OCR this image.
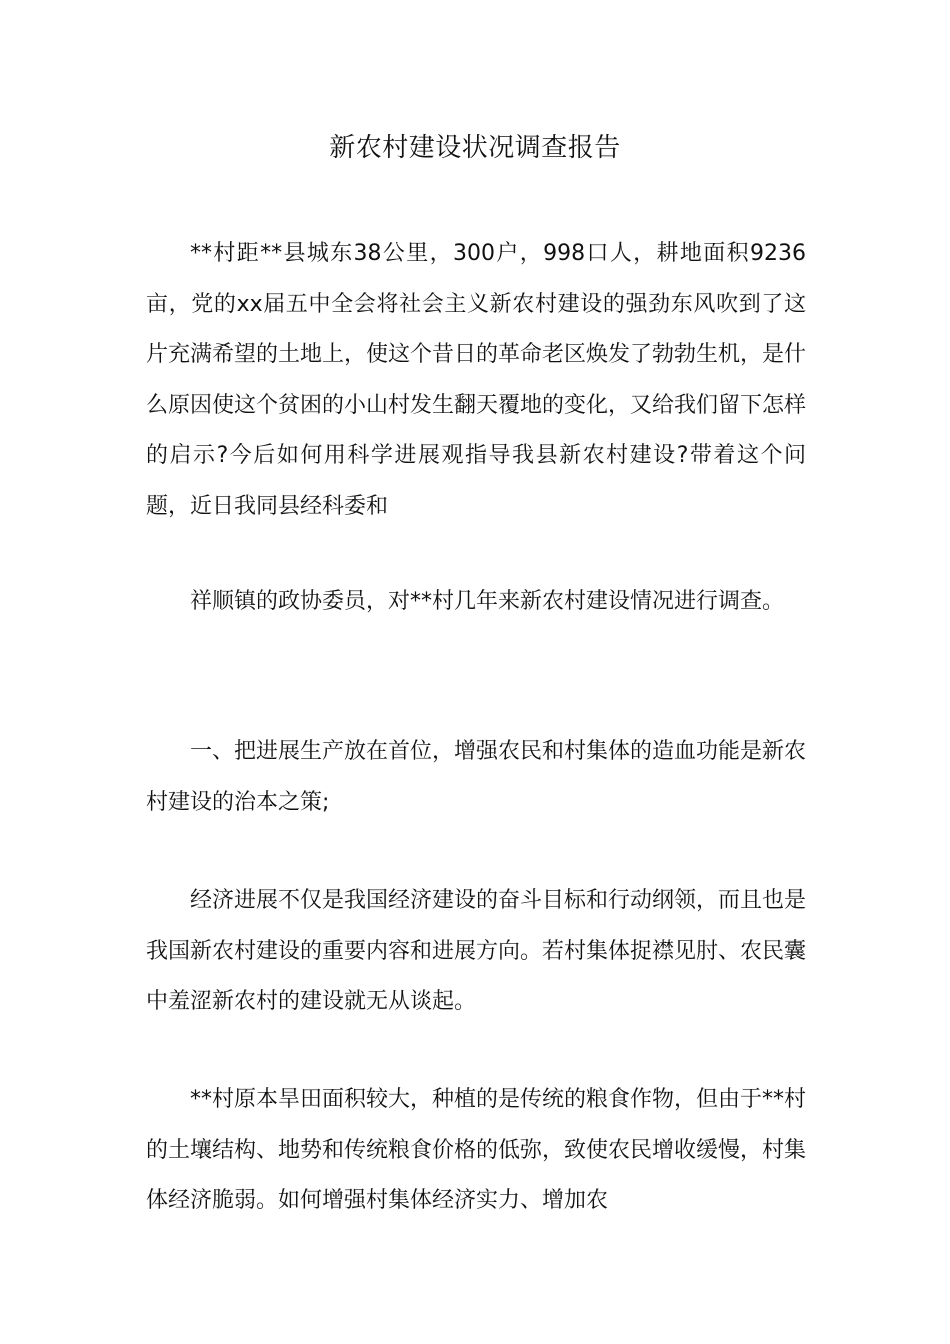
新农村建设状况调查报告

**村距**县城东38公里，300户，998口人，耕地面积9236亩，党的xx届五中全会将社会主义新农村建设的强劲东风吹到了这片充满希望的土地上，使这个昔日的革命老区焕发了勃勃生机，是什么原因使这个贫困的小山村发生翻天覆地的变化，又给我们留下怎样的启示?今后如何用科学进展观指导我县新农村建设?带着这个问题，近日我同县经科委和

祥顺镇的政协委员，对**村几年来新农村建设情况进行调查。

一、把进展生产放在首位，增强农民和村集体的造血功能是新农村建设的治本之策;

经济进展不仅是我国经济建设的奋斗目标和行动纲领，而且也是我国新农村建设的重要内容和进展方向。若村集体捉襟见肘、农民囊中羞涩新农村的建设就无从谈起。

**村原本旱田面积较大，种植的是传统的粮食作物，但由于**村的土壤结构、地势和传统粮食价格的低弥，致使农民增收缓慢，村集体经济脆弱。如何增强村集体经济实力、增加农
